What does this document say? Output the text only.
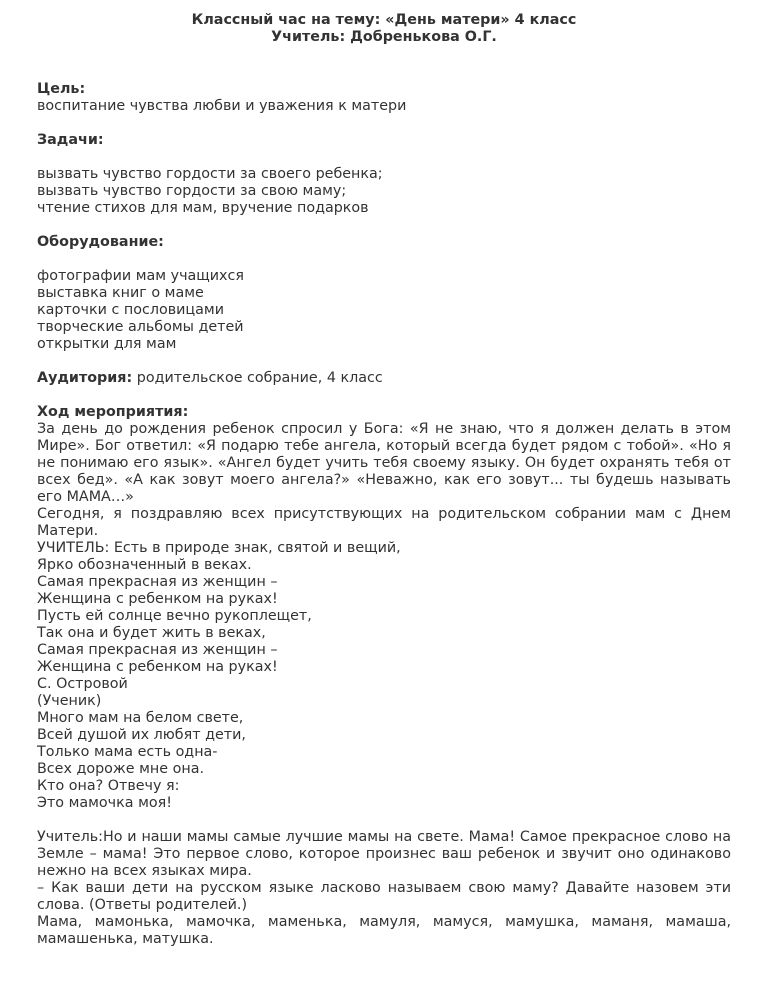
Классный час на тему: «День матери» 4 класс
Учитель: Добренькова О.Г.
Цель:
воспитание чувства любви и уважения к матери
Задачи:
вызвать чувство гордости за своего ребенка;
вызвать чувство гордости за свою маму;
чтение стихов для мам, вручение подарков
Оборудование:
фотографии мам учащихся
выставка книг о маме
карточки с пословицами
творческие альбомы детей
открытки для мам
Аудитория: родительское собрание, 4 класс
Ход мероприятия:
За день до рождения ребенок спросил у Бога: «Я не знаю, что я должен делать в этом Мире». Бог ответил: «Я подарю тебе ангела, который всегда будет рядом с тобой». «Но я не понимаю его язык». «Ангел будет учить тебя своему языку. Он будет охранять тебя от всех бед». «А как зовут моего ангела?» «Неважно, как его зовут... ты будешь называть его МАМА…»
Сегодня, я поздравляю всех присутствующих на родительском собрании мам с Днем Матери.
УЧИТЕЛЬ: Есть в природе знак, святой и вещий,
Ярко обозначенный в веках.
Самая прекрасная из женщин –
Женщина с ребенком на руках!
Пусть ей солнце вечно рукоплещет,
Так она и будет жить в веках,
Самая прекрасная из женщин –
Женщина с ребенком на руках!
С. Островой
(Ученик)
Много мам на белом свете,
Всей душой их любят дети,
Только мама есть одна-
Всех дороже мне она.
Кто она? Отвечу я:
Это мамочка моя!
Учитель:Но и наши мамы самые лучшие мамы на свете. Мама! Самое прекрасное слово на Земле – мама! Это первое слово, которое произнес ваш ребенок и звучит оно одинаково нежно на всех языках мира.
– Как ваши дети на русском языке ласково называем свою маму? Давайте назовем эти слова. (Ответы родителей.)
Мама, мамонька, мамочка, маменька, мамуля, мамуся, мамушка, маманя, мамаша, мамашенька, матушка.
